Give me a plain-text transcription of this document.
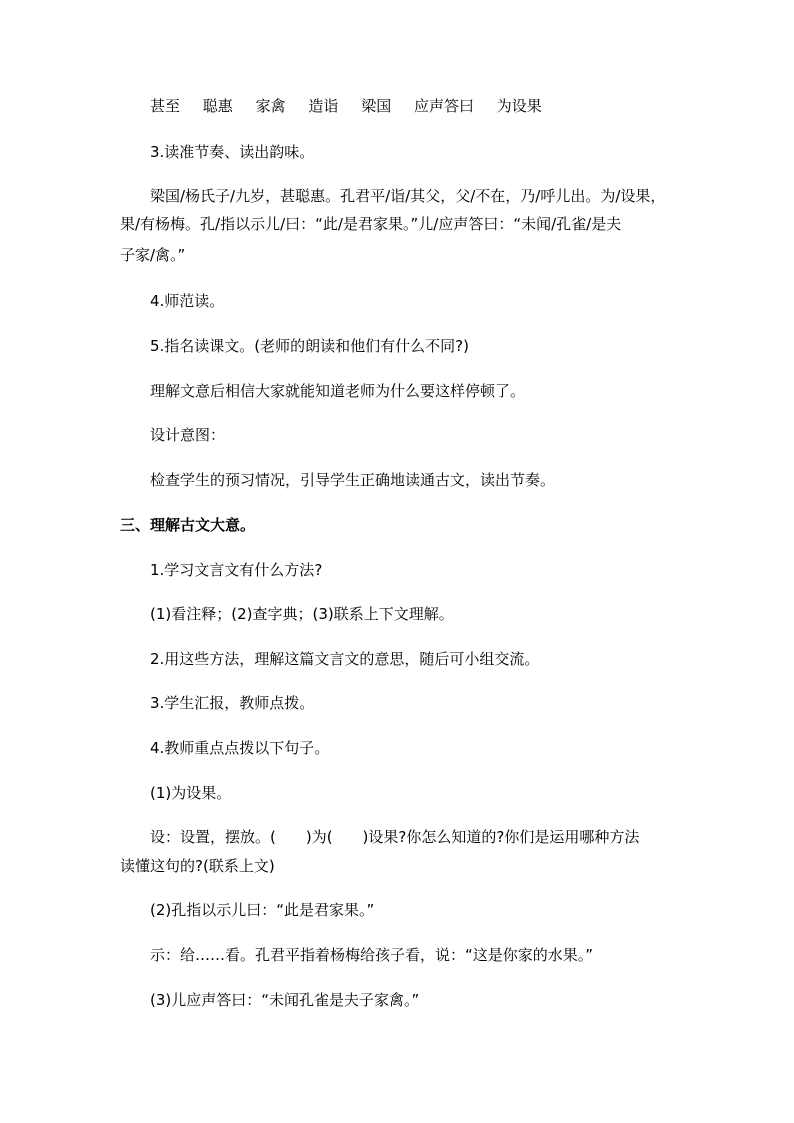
甚至 聪惠 家禽 造诣 梁国 应声答曰 为设果
3.读准节奏、读出韵味。
梁国/杨氏子/九岁，甚聪惠。孔君平/诣/其父，父/不在，乃/呼儿出。为/设果，
果/有杨梅。孔/指以示儿/曰：“此/是君家果。”儿/应声答曰：“未闻/孔雀/是夫
子家/禽。”
4.师范读。
5.指名读课文。(老师的朗读和他们有什么不同?)
理解文意后相信大家就能知道老师为什么要这样停顿了。
设计意图：
检查学生的预习情况，引导学生正确地读通古文，读出节奏。
三、理解古文大意。
1.学习文言文有什么方法?
(1)看注释；(2)查字典；(3)联系上下文理解。
2.用这些方法，理解这篇文言文的意思，随后可小组交流。
3.学生汇报，教师点拨。
4.教师重点点拨以下句子。
(1)为设果。
设：设置，摆放。(　　)为(　　)设果?你怎么知道的?你们是运用哪种方法
读懂这句的?(联系上文)
(2)孔指以示儿曰：“此是君家果。”
示：给……看。孔君平指着杨梅给孩子看，说：“这是你家的水果。”
(3)儿应声答曰：“未闻孔雀是夫子家禽。”
